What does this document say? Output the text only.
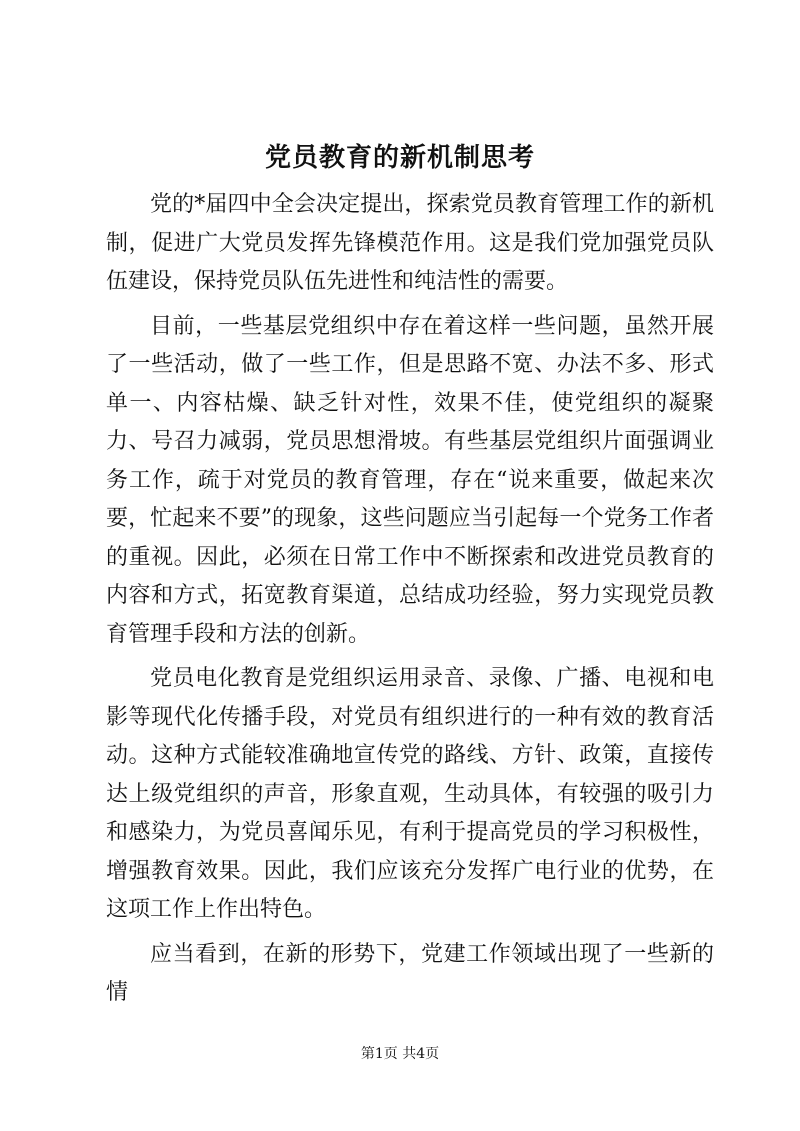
党员教育的新机制思考

党的*届四中全会决定提出，探索党员教育管理工作的新机制，促进广大党员发挥先锋模范作用。这是我们党加强党员队伍建设，保持党员队伍先进性和纯洁性的需要。

目前，一些基层党组织中存在着这样一些问题，虽然开展了一些活动，做了一些工作，但是思路不宽、办法不多、形式单一、内容枯燥、缺乏针对性，效果不佳，使党组织的凝聚力、号召力减弱，党员思想滑坡。有些基层党组织片面强调业务工作，疏于对党员的教育管理，存在“说来重要，做起来次要，忙起来不要”的现象，这些问题应当引起每一个党务工作者的重视。因此，必须在日常工作中不断探索和改进党员教育的内容和方式，拓宽教育渠道，总结成功经验，努力实现党员教育管理手段和方法的创新。

党员电化教育是党组织运用录音、录像、广播、电视和电影等现代化传播手段，对党员有组织进行的一种有效的教育活动。这种方式能较准确地宣传党的路线、方针、政策，直接传达上级党组织的声音，形象直观，生动具体，有较强的吸引力和感染力，为党员喜闻乐见，有利于提高党员的学习积极性，增强教育效果。因此，我们应该充分发挥广电行业的优势，在这项工作上作出特色。

应当看到，在新的形势下，党建工作领域出现了一些新的情

第1页 共4页
